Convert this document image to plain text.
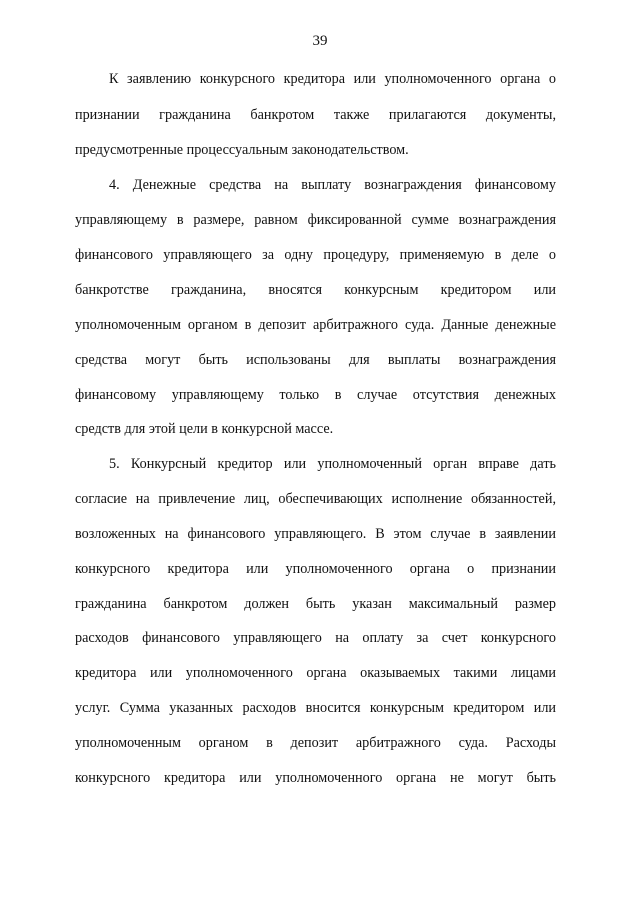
39
К заявлению конкурсного кредитора или уполномоченного органа о
признании гражданина банкротом также прилагаются документы,
предусмотренные процессуальным законодательством.
4. Денежные средства на выплату вознаграждения финансовому
управляющему в размере, равном фиксированной сумме вознаграждения
финансового управляющего за одну процедуру, применяемую в деле о
банкротстве гражданина, вносятся конкурсным кредитором или
уполномоченным органом в депозит арбитражного суда. Данные денежные
средства могут быть использованы для выплаты вознаграждения
финансовому управляющему только в случае отсутствия денежных
средств для этой цели в конкурсной массе.
5. Конкурсный кредитор или уполномоченный орган вправе дать
согласие на привлечение лиц, обеспечивающих исполнение обязанностей,
возложенных на финансового управляющего. В этом случае в заявлении
конкурсного кредитора или уполномоченного органа о признании
гражданина банкротом должен быть указан максимальный размер
расходов финансового управляющего на оплату за счет конкурсного
кредитора или уполномоченного органа оказываемых такими лицами
услуг. Сумма указанных расходов вносится конкурсным кредитором или
уполномоченным органом в депозит арбитражного суда. Расходы
конкурсного кредитора или уполномоченного органа не могут быть
